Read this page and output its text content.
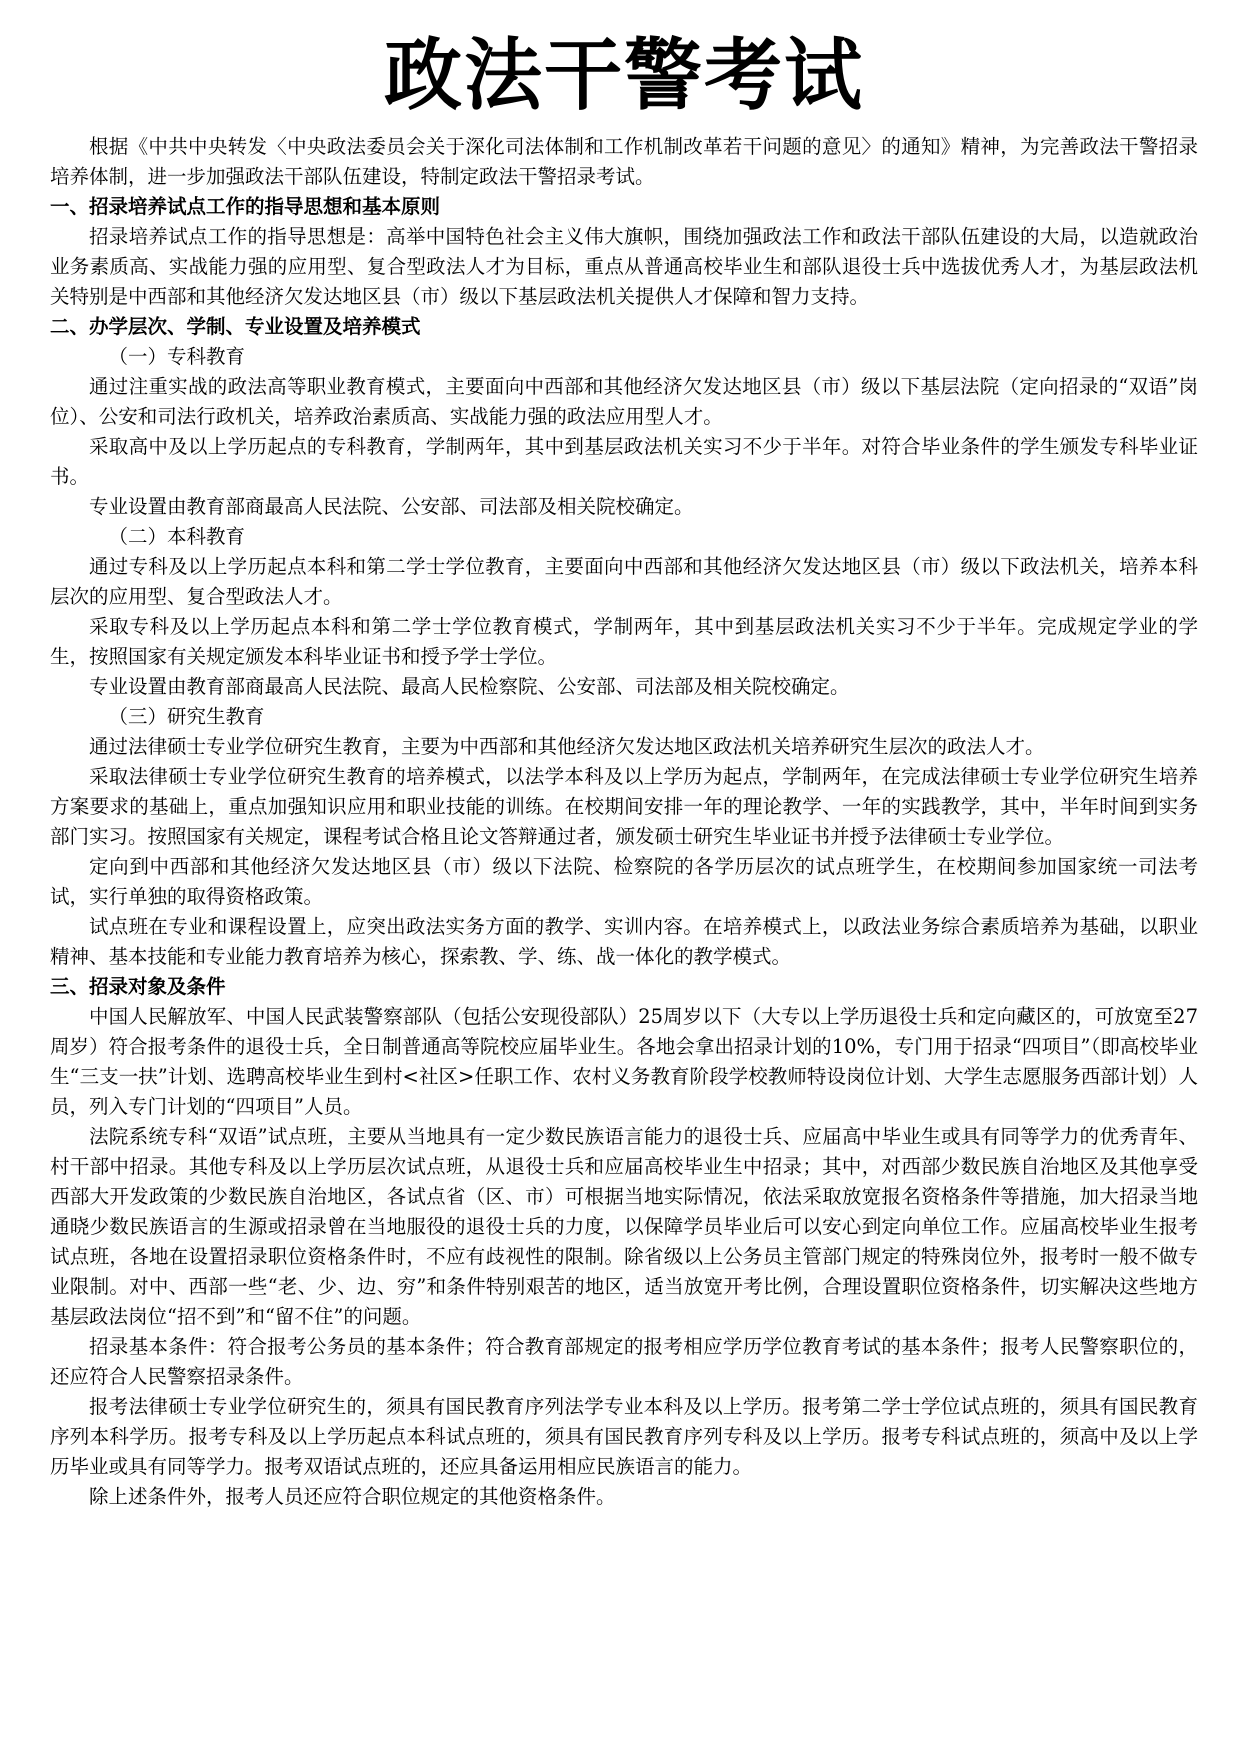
政法干警考试

根据《中共中央转发〈中央政法委员会关于深化司法体制和工作机制改革若干问题的意见〉的通知》精神，为完善政法干警招录培养体制，进一步加强政法干部队伍建设，特制定政法干警招录考试。

一、招录培养试点工作的指导思想和基本原则

招录培养试点工作的指导思想是：高举中国特色社会主义伟大旗帜，围绕加强政法工作和政法干部队伍建设的大局，以造就政治业务素质高、实战能力强的应用型、复合型政法人才为目标，重点从普通高校毕业生和部队退役士兵中选拔优秀人才，为基层政法机关特别是中西部和其他经济欠发达地区县（市）级以下基层政法机关提供人才保障和智力支持。

二、办学层次、学制、专业设置及培养模式

（一）专科教育

通过注重实战的政法高等职业教育模式，主要面向中西部和其他经济欠发达地区县（市）级以下基层法院（定向招录的“双语”岗位）、公安和司法行政机关，培养政治素质高、实战能力强的政法应用型人才。

采取高中及以上学历起点的专科教育，学制两年，其中到基层政法机关实习不少于半年。对符合毕业条件的学生颁发专科毕业证书。

专业设置由教育部商最高人民法院、公安部、司法部及相关院校确定。

（二）本科教育

通过专科及以上学历起点本科和第二学士学位教育，主要面向中西部和其他经济欠发达地区县（市）级以下政法机关，培养本科层次的应用型、复合型政法人才。

采取专科及以上学历起点本科和第二学士学位教育模式，学制两年，其中到基层政法机关实习不少于半年。完成规定学业的学生，按照国家有关规定颁发本科毕业证书和授予学士学位。

专业设置由教育部商最高人民法院、最高人民检察院、公安部、司法部及相关院校确定。

（三）研究生教育

通过法律硕士专业学位研究生教育，主要为中西部和其他经济欠发达地区政法机关培养研究生层次的政法人才。

采取法律硕士专业学位研究生教育的培养模式，以法学本科及以上学历为起点，学制两年，在完成法律硕士专业学位研究生培养方案要求的基础上，重点加强知识应用和职业技能的训练。在校期间安排一年的理论教学、一年的实践教学，其中，半年时间到实务部门实习。按照国家有关规定，课程考试合格且论文答辩通过者，颁发硕士研究生毕业证书并授予法律硕士专业学位。

定向到中西部和其他经济欠发达地区县（市）级以下法院、检察院的各学历层次的试点班学生，在校期间参加国家统一司法考试，实行单独的取得资格政策。

试点班在专业和课程设置上，应突出政法实务方面的教学、实训内容。在培养模式上，以政法业务综合素质培养为基础，以职业精神、基本技能和专业能力教育培养为核心，探索教、学、练、战一体化的教学模式。

三、招录对象及条件

中国人民解放军、中国人民武装警察部队（包括公安现役部队）25周岁以下（大专以上学历退役士兵和定向藏区的，可放宽至27周岁）符合报考条件的退役士兵，全日制普通高等院校应届毕业生。各地会拿出招录计划的10%，专门用于招录“四项目”（即高校毕业生“三支一扶”计划、选聘高校毕业生到村<社区>任职工作、农村义务教育阶段学校教师特设岗位计划、大学生志愿服务西部计划）人员，列入专门计划的“四项目”人员。

法院系统专科“双语”试点班，主要从当地具有一定少数民族语言能力的退役士兵、应届高中毕业生或具有同等学力的优秀青年、村干部中招录。其他专科及以上学历层次试点班，从退役士兵和应届高校毕业生中招录；其中，对西部少数民族自治地区及其他享受西部大开发政策的少数民族自治地区，各试点省（区、市）可根据当地实际情况，依法采取放宽报名资格条件等措施，加大招录当地通晓少数民族语言的生源或招录曾在当地服役的退役士兵的力度，以保障学员毕业后可以安心到定向单位工作。应届高校毕业生报考试点班，各地在设置招录职位资格条件时，不应有歧视性的限制。除省级以上公务员主管部门规定的特殊岗位外，报考时一般不做专业限制。对中、西部一些“老、少、边、穷”和条件特别艰苦的地区，适当放宽开考比例，合理设置职位资格条件，切实解决这些地方基层政法岗位“招不到”和“留不住”的问题。

招录基本条件：符合报考公务员的基本条件；符合教育部规定的报考相应学历学位教育考试的基本条件；报考人民警察职位的，还应符合人民警察招录条件。

报考法律硕士专业学位研究生的，须具有国民教育序列法学专业本科及以上学历。报考第二学士学位试点班的，须具有国民教育序列本科学历。报考专科及以上学历起点本科试点班的，须具有国民教育序列专科及以上学历。报考专科试点班的，须高中及以上学历毕业或具有同等学力。报考双语试点班的，还应具备运用相应民族语言的能力。

除上述条件外，报考人员还应符合职位规定的其他资格条件。
